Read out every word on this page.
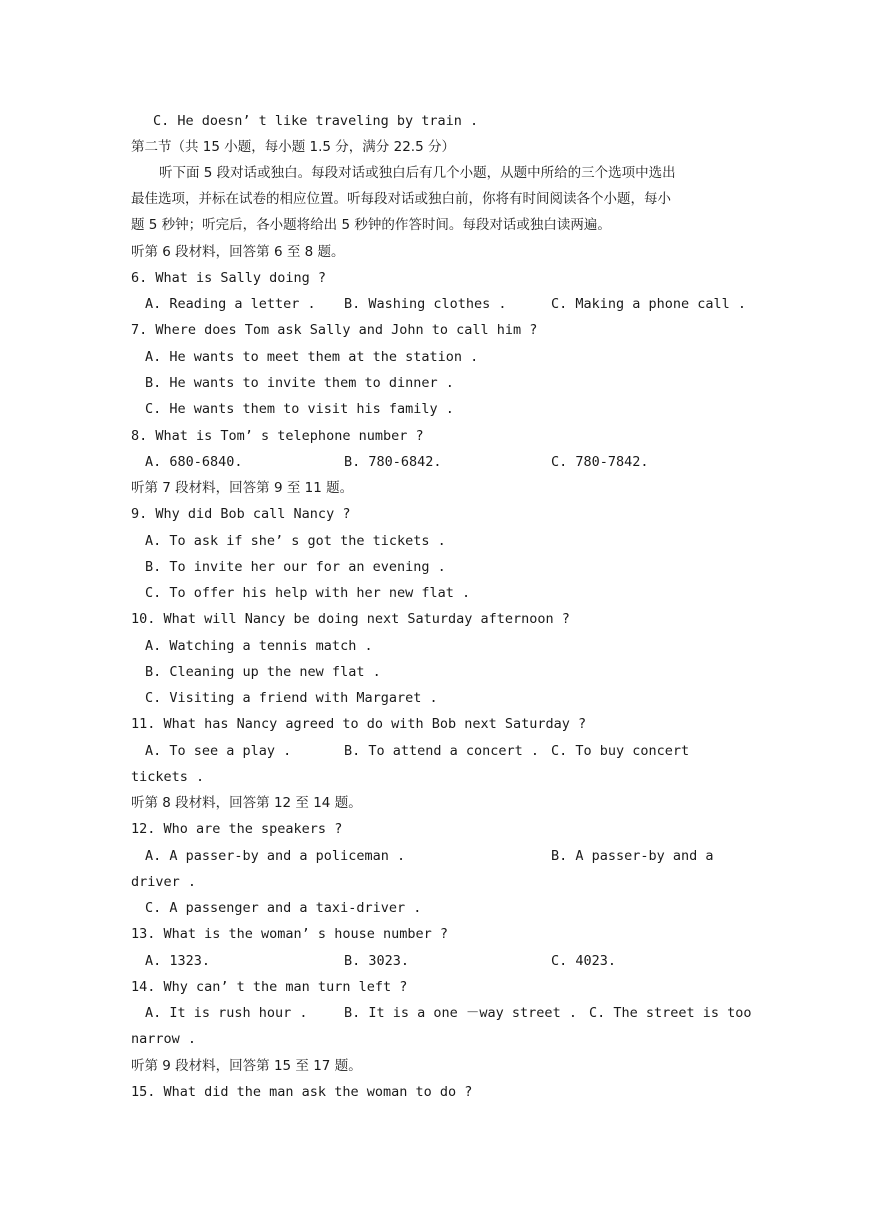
C. He doesn’ t like traveling by train .
第二节（共 15 小题，每小题 1.5 分，满分 22.5 分）
听下面 5 段对话或独白。每段对话或独白后有几个小题，从题中所给的三个选项中选出
最佳选项，并标在试卷的相应位置。听每段对话或独白前，你将有时间阅读各个小题，每小
题 5 秒钟；听完后，各小题将给出 5 秒钟的作答时间。每段对话或独白读两遍。
听第 6 段材料，回答第 6 至 8 题。
6. What is Sally doing ?
A. Reading a letter . B. Washing clothes .	C. Making a phone call .
7. Where does Tom ask Sally and John to call him ?
A. He wants to meet them at the station .
B. He wants to invite them to dinner .
C. He wants them to visit his family .
8. What is Tom’ s telephone number ?
A. 680-6840.	B. 780-6842.	C. 780-7842.
听第 7 段材料，回答第 9 至 11 题。
9. Why did Bob call Nancy ?
A. To ask if she’ s got the tickets .
B. To invite her our for an evening .
C. To offer his help with her new flat .
10. What will Nancy be doing next Saturday afternoon ?
A. Watching a tennis match .
B. Cleaning up the new flat .
C. Visiting a friend with Margaret .
11. What has Nancy agreed to do with Bob next Saturday ?
A. To see a play .	B. To attend a concert . C. To buy concert
tickets .
听第 8 段材料，回答第 12 至 14 题。
12. Who are the speakers ?
A. A passer-by and a policeman .	B. A passer-by and a
driver .
C. A passenger and a taxi-driver .
13. What is the woman’ s house number ?
A. 1323.	B. 3023.	C. 4023.
14. Why can’ t the man turn left ?
A. It is rush hour .	B. It is a one －way street . C. The street is too
narrow .
听第 9 段材料，回答第 15 至 17 题。
15. What did the man ask the woman to do ?
